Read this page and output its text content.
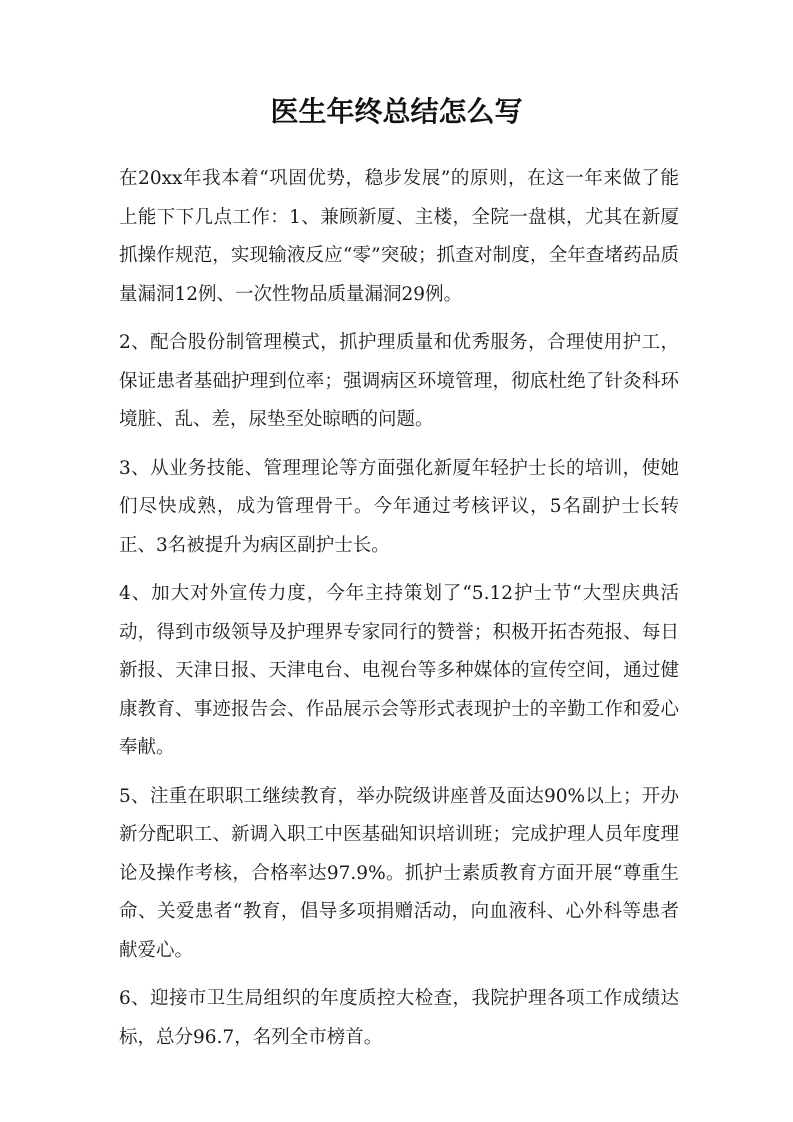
医生年终总结怎么写

在20xx年我本着“巩固优势，稳步发展”的原则，在这一年来做了能上能下下几点工作：1、兼顾新厦、主楼，全院一盘棋，尤其在新厦抓操作规范，实现输液反应“零”突破；抓查对制度，全年查堵药品质量漏洞12例、一次性物品质量漏洞29例。

2、配合股份制管理模式，抓护理质量和优秀服务，合理使用护工，保证患者基础护理到位率；强调病区环境管理，彻底杜绝了针灸科环境脏、乱、差，尿垫至处晾晒的问题。

3、从业务技能、管理理论等方面强化新厦年轻护士长的培训，使她们尽快成熟，成为管理骨干。今年通过考核评议，5名副护士长转正、3名被提升为病区副护士长。

4、加大对外宣传力度，今年主持策划了“5.12护士节“大型庆典活动，得到市级领导及护理界专家同行的赞誉；积极开拓杏苑报、每日新报、天津日报、天津电台、电视台等多种媒体的宣传空间，通过健康教育、事迹报告会、作品展示会等形式表现护士的辛勤工作和爱心奉献。

5、注重在职职工继续教育，举办院级讲座普及面达90%以上；开办新分配职工、新调入职工中医基础知识培训班；完成护理人员年度理论及操作考核，合格率达97.9%。抓护士素质教育方面开展“尊重生命、关爱患者“教育，倡导多项捐赠活动，向血液科、心外科等患者献爱心。

6、迎接市卫生局组织的年度质控大检查，我院护理各项工作成绩达标，总分96.7，名列全市榜首。
